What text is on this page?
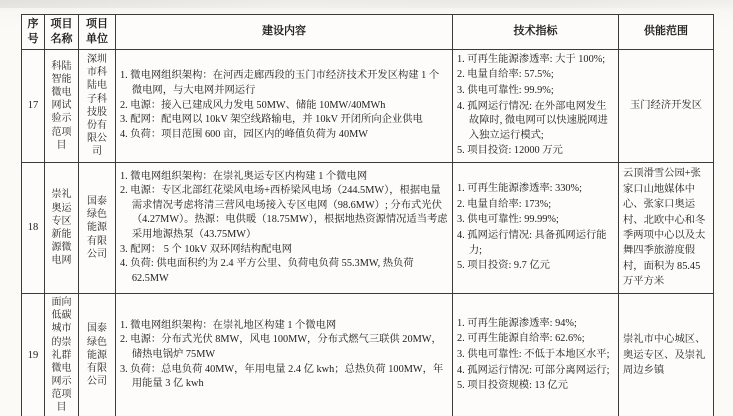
序号	项目名称	项目单位	建设内容	技术指标	供能范围
17	科陆智能微电网试验示范项目	深圳市科陆电子科技股份有限公司	
1. 微电网组织架构：在河西走廊西段的玉门市经济技术开发区构建 1 个微电网，与大电网并网运行
2. 电源：接入已建成风力发电 50MW、储能 10MW/40MWh
3. 配网：配电网以 10kV 架空线路输电，并 10kV 开闭所向企业供电
4. 负荷：项目范围 600 亩，园区内的峰值负荷为 40MW

1. 可再生能源渗透率: 大于 100%;
2. 电量自给率: 57.5%;
3. 供电可靠性: 99.9%;
4. 孤网运行情况: 在外部电网发生故障时, 微电网可以快速脱网进入独立运行模式;
5. 项目投资: 12000 万元
	玉门经济开发区
18	崇礼奥运专区新能源微电网	国泰绿色能源有限公司	
1. 微电网组织架构：在崇礼奥运专区内构建 1 个微电网
2. 电源：专区北部红花梁风电场+西桥梁风电场（244.5MW），根据电量需求情况考虑将清三营风电场接入专区电网（98.6MW）; 分布式光伏（4.27MW）。热源：电供暖（18.75MW），根据地热资源情况适当考虑采用地源热泵（43.75MW）
3. 配网： 5 个 10kV 双环网结构配电网
4. 负荷: 供电面积约为 2.4 平方公里、负荷电负荷 55.3MW, 热负荷 62.5MW

1. 可再生能源渗透率: 330%;
2. 电量自给率: 173%;
3. 供电可靠性: 99.99%;
4. 孤网运行情况: 具备孤网运行能力;
5. 项目投资: 9.7 亿元
	云顶滑雪公园+张家口山地媒体中心、张家口奥运村、北欧中心和冬季两项中心以及太舞四季旅游度假村，面积为 85.45 万平方米
19	面向低碳城市的崇礼群微电网示范项目	国泰绿色能源有限公司	
1. 微电网组织架构：在崇礼地区构建 1 个微电网
2. 电源：分布式光伏 8MW，风电 100MW，分布式燃气三联供 20MW，储热电锅炉 75MW
3. 负荷：总电负荷 40MW，年用电量 2.4 亿 kwh；总热负荷 100MW，年用能量 3 亿 kwh

1. 可再生能源渗透率: 94%;
2. 可再生能源自给率: 62.6%;
3. 供电可靠性: 不低于本地区水平;
4. 孤网运行情况: 可部分离网运行;
5. 项目投资规模: 13 亿元
	崇礼市中心城区、奥运专区、及崇礼周边乡镇
